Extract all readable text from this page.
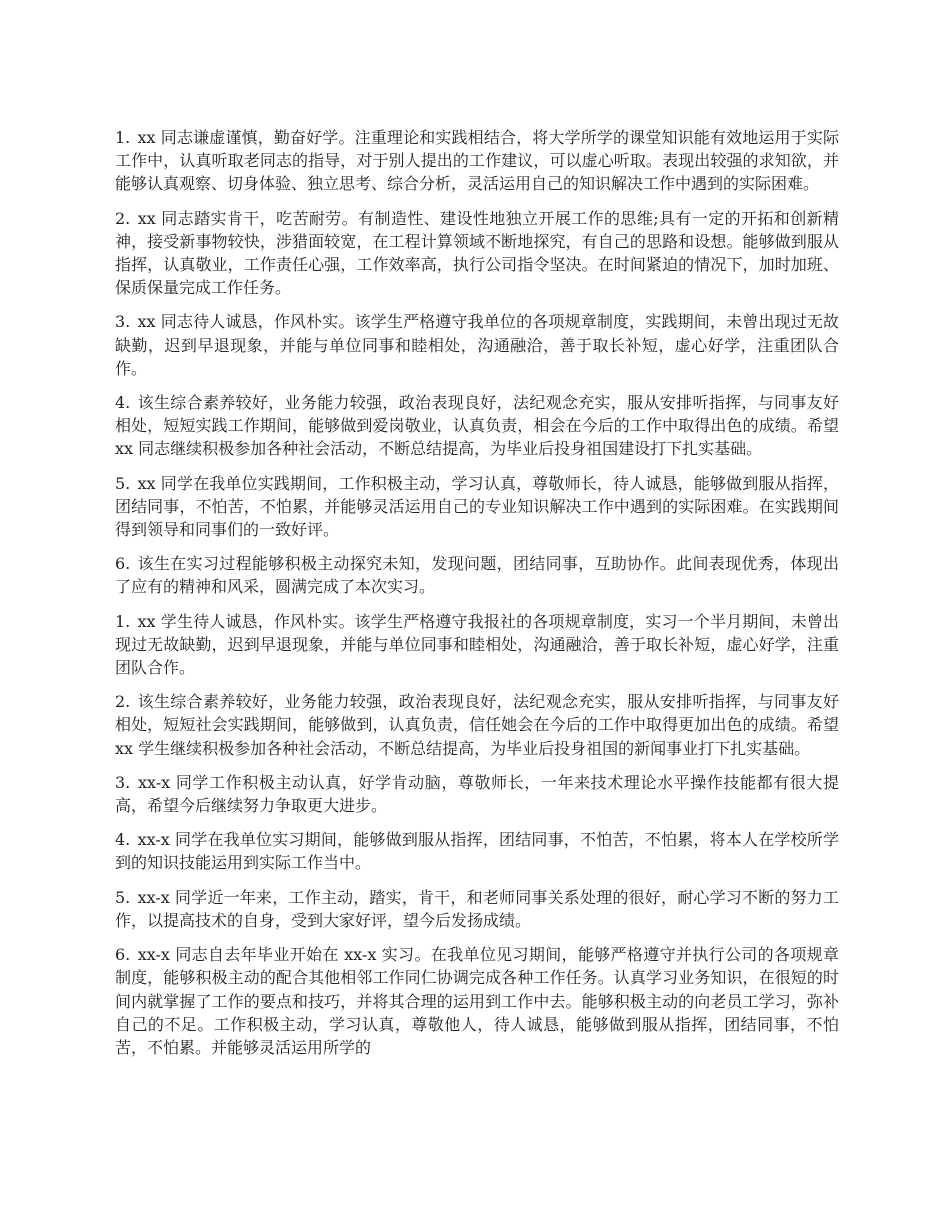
1. xx 同志谦虚谨慎，勤奋好学。注重理论和实践相结合，将大学所学的课堂知识能有效地运用于实际工作中，认真听取老同志的指导，对于别人提出的工作建议，可以虚心听取。表现出较强的求知欲，并能够认真观察、切身体验、独立思考、综合分析，灵活运用自己的知识解决工作中遇到的实际困难。

2. xx 同志踏实肯干，吃苦耐劳。有制造性、建设性地独立开展工作的思维;具有一定的开拓和创新精神，接受新事物较快，涉猎面较宽，在工程计算领域不断地探究，有自己的思路和设想。能够做到服从指挥，认真敬业，工作责任心强，工作效率高，执行公司指令坚决。在时间紧迫的情况下，加时加班、保质保量完成工作任务。

3. xx 同志待人诚恳，作风朴实。该学生严格遵守我单位的各项规章制度，实践期间，未曾出现过无故缺勤，迟到早退现象，并能与单位同事和睦相处，沟通融洽，善于取长补短，虚心好学，注重团队合作。

4. 该生综合素养较好，业务能力较强，政治表现良好，法纪观念充实，服从安排听指挥，与同事友好相处，短短实践工作期间，能够做到爱岗敬业，认真负责，相会在今后的工作中取得出色的成绩。希望 xx 同志继续积极参加各种社会活动，不断总结提高，为毕业后投身祖国建设打下扎实基础。

5. xx 同学在我单位实践期间，工作积极主动，学习认真，尊敬师长，待人诚恳，能够做到服从指挥，团结同事，不怕苦，不怕累，并能够灵活运用自己的专业知识解决工作中遇到的实际困难。在实践期间得到领导和同事们的一致好评。

6. 该生在实习过程能够积极主动探究未知，发现问题，团结同事，互助协作。此间表现优秀，体现出了应有的精神和风采，圆满完成了本次实习。

1. xx 学生待人诚恳，作风朴实。该学生严格遵守我报社的各项规章制度，实习一个半月期间，未曾出现过无故缺勤，迟到早退现象，并能与单位同事和睦相处，沟通融洽，善于取长补短，虚心好学，注重团队合作。

2. 该生综合素养较好，业务能力较强，政治表现良好，法纪观念充实，服从安排听指挥，与同事友好相处，短短社会实践期间，能够做到，认真负责，信任她会在今后的工作中取得更加出色的成绩。希望 xx 学生继续积极参加各种社会活动，不断总结提高，为毕业后投身祖国的新闻事业打下扎实基础。

3. xx-x 同学工作积极主动认真，好学肯动脑，尊敬师长，一年来技术理论水平操作技能都有很大提高，希望今后继续努力争取更大进步。

4. xx-x 同学在我单位实习期间，能够做到服从指挥，团结同事，不怕苦，不怕累，将本人在学校所学到的知识技能运用到实际工作当中。

5. xx-x 同学近一年来，工作主动，踏实，肯干，和老师同事关系处理的很好，耐心学习不断的努力工作，以提高技术的自身，受到大家好评，望今后发扬成绩。

6. xx-x 同志自去年毕业开始在 xx-x 实习。在我单位见习期间，能够严格遵守并执行公司的各项规章制度，能够积极主动的配合其他相邻工作同仁协调完成各种工作任务。认真学习业务知识，在很短的时间内就掌握了工作的要点和技巧，并将其合理的运用到工作中去。能够积极主动的向老员工学习，弥补自己的不足。工作积极主动，学习认真，尊敬他人，待人诚恳，能够做到服从指挥，团结同事，不怕苦，不怕累。并能够灵活运用所学的
